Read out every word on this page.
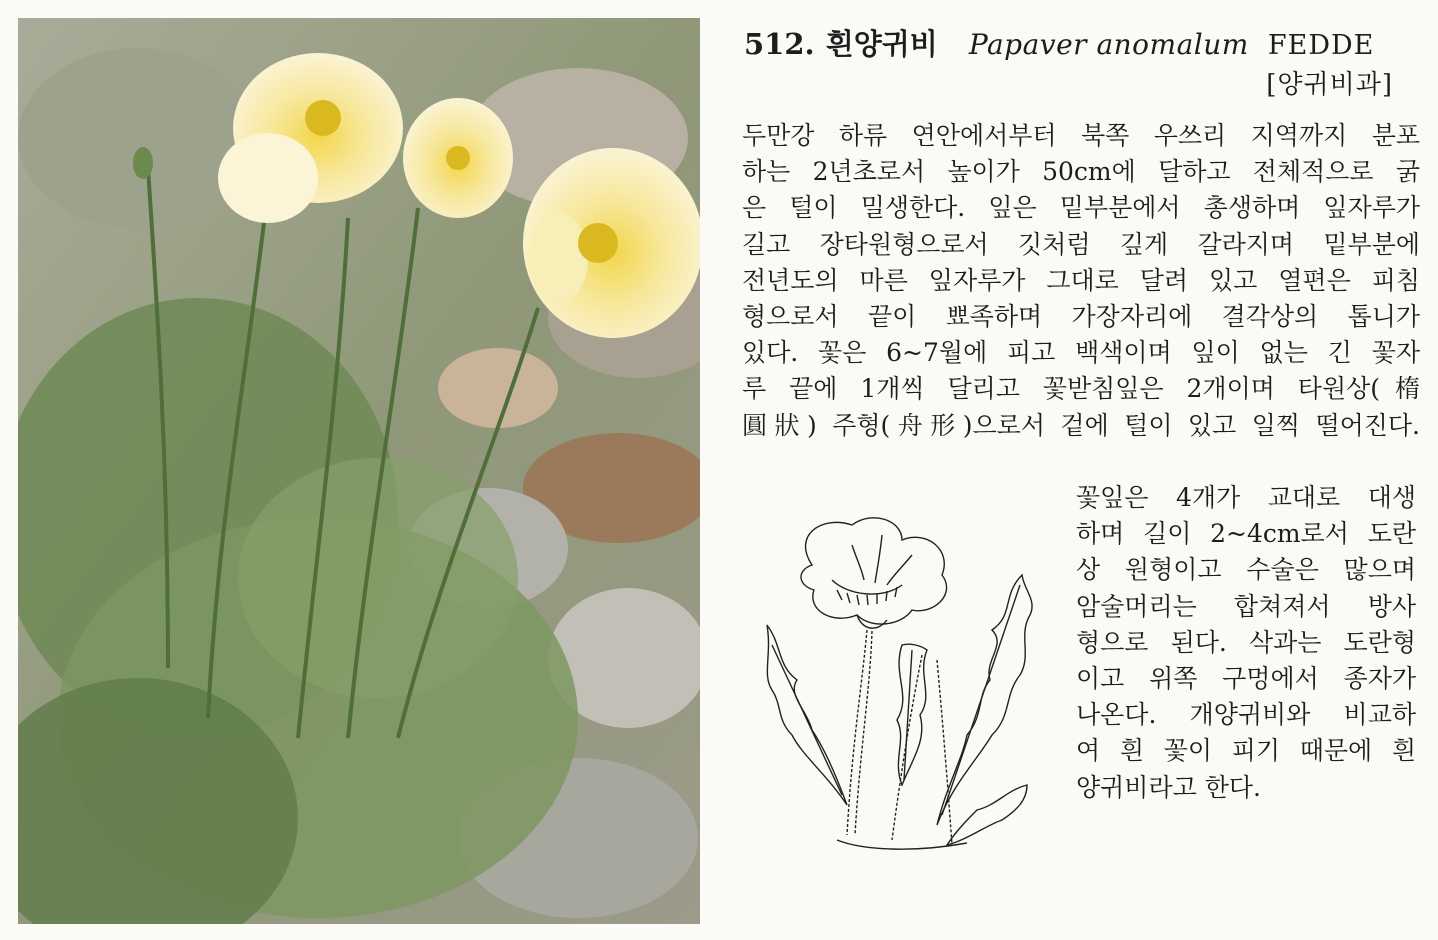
512. 흰양귀비 Papaver anomalum FEDDE
[양귀비과]
두만강 하류 연안에서부터 북쪽 우쓰리 지역까지 분포
하는 2년초로서 높이가 50cm에 달하고 전체적으로 굵
은 털이 밀생한다. 잎은 밑부분에서 총생하며 잎자루가
길고 장타원형으로서 깃처럼 깊게 갈라지며 밑부분에
전년도의 마른 잎자루가 그대로 달려 있고 열편은 피침
형으로서 끝이 뾰족하며 가장자리에 결각상의 톱니가
있다. 꽃은 6~7월에 피고 백색이며 잎이 없는 긴 꽃자
루 끝에 1개씩 달리고 꽃받침잎은 2개이며 타원상(楕
圓狀) 주형(舟形)으로서 겉에 털이 있고 일찍 떨어진다.
꽃잎은 4개가 교대로 대생
하며 길이 2~4cm로서 도란
상 원형이고 수술은 많으며
암술머리는 합쳐져서 방사
형으로 된다. 삭과는 도란형
이고 위쪽 구멍에서 종자가
나온다. 개양귀비와 비교하
여 흰 꽃이 피기 때문에 흰
양귀비라고 한다.
